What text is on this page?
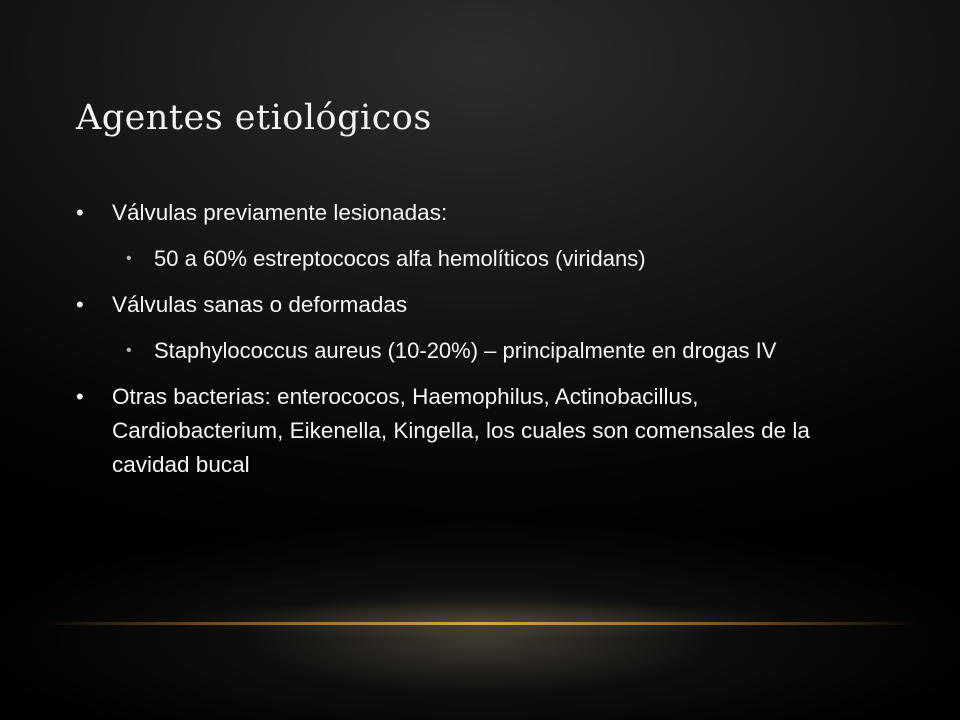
Agentes etiológicos
• Válvulas previamente lesionadas:
• 50 a 60% estreptococos alfa hemolíticos (viridans)
• Válvulas sanas o deformadas
• Staphylococcus aureus (10-20%) – principalmente en drogas IV
• Otras bacterias: enterococos, Haemophilus, Actinobacillus, Cardiobacterium, Eikenella, Kingella, los cuales son comensales de la cavidad bucal
